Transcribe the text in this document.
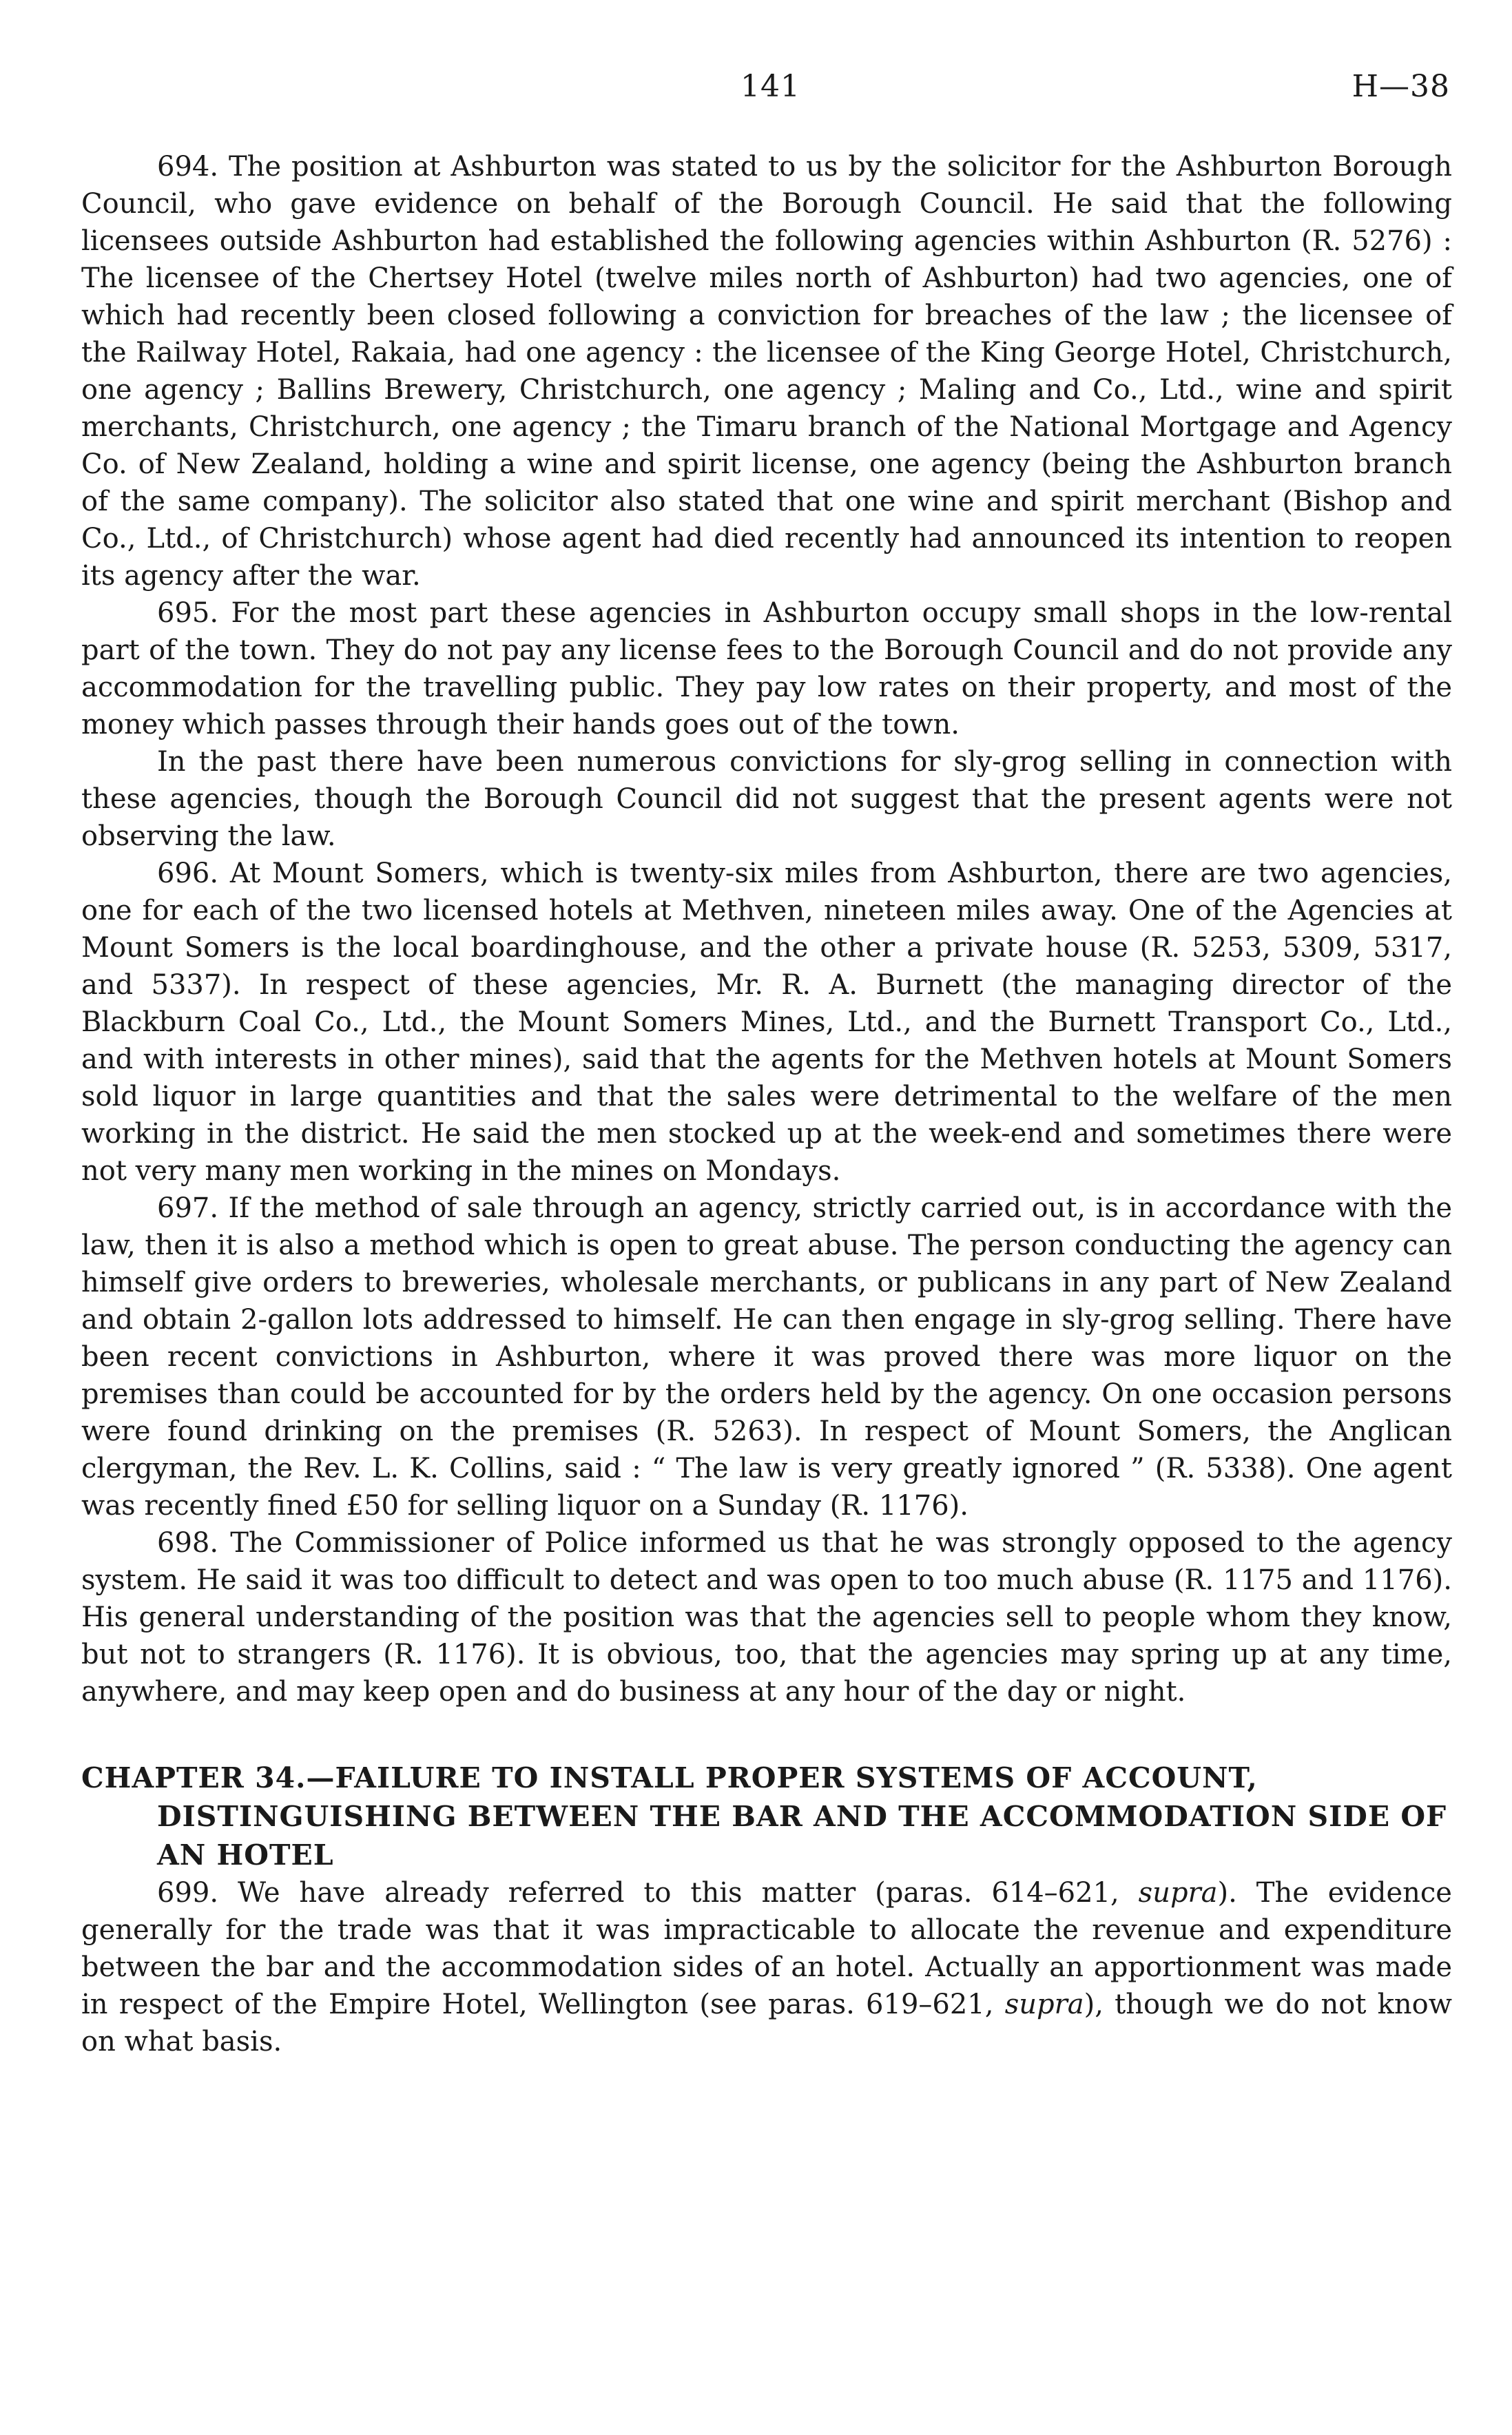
141	H—38

694. The position at Ashburton was stated to us by the solicitor for the Ashburton Borough Council, who gave evidence on behalf of the Borough Council. He said that the following licensees outside Ashburton had established the following agencies within Ashburton (R. 5276) : The licensee of the Chertsey Hotel (twelve miles north of Ashburton) had two agencies, one of which had recently been closed following a conviction for breaches of the law ; the licensee of the Railway Hotel, Rakaia, had one agency : the licensee of the King George Hotel, Christchurch, one agency ; Ballins Brewery, Christchurch, one agency ; Maling and Co., Ltd., wine and spirit merchants, Christchurch, one agency ; the Timaru branch of the National Mortgage and Agency Co. of New Zealand, holding a wine and spirit license, one agency (being the Ashburton branch of the same company). The solicitor also stated that one wine and spirit merchant (Bishop and Co., Ltd., of Christchurch) whose agent had died recently had announced its intention to reopen its agency after the war.

695. For the most part these agencies in Ashburton occupy small shops in the low-rental part of the town. They do not pay any license fees to the Borough Council and do not provide any accommodation for the travelling public. They pay low rates on their property, and most of the money which passes through their hands goes out of the town.

In the past there have been numerous convictions for sly-grog selling in connection with these agencies, though the Borough Council did not suggest that the present agents were not observing the law.

696. At Mount Somers, which is twenty-six miles from Ashburton, there are two agencies, one for each of the two licensed hotels at Methven, nineteen miles away. One of the Agencies at Mount Somers is the local boardinghouse, and the other a private house (R. 5253, 5309, 5317, and 5337). In respect of these agencies, Mr. R. A. Burnett (the managing director of the Blackburn Coal Co., Ltd., the Mount Somers Mines, Ltd., and the Burnett Transport Co., Ltd., and with interests in other mines), said that the agents for the Methven hotels at Mount Somers sold liquor in large quantities and that the sales were detrimental to the welfare of the men working in the district. He said the men stocked up at the week-end and sometimes there were not very many men working in the mines on Mondays.

697. If the method of sale through an agency, strictly carried out, is in accordance with the law, then it is also a method which is open to great abuse. The person conducting the agency can himself give orders to breweries, wholesale merchants, or publicans in any part of New Zealand and obtain 2-gallon lots addressed to himself. He can then engage in sly-grog selling. There have been recent convictions in Ashburton, where it was proved there was more liquor on the premises than could be accounted for by the orders held by the agency. On one occasion persons were found drinking on the premises (R. 5263). In respect of Mount Somers, the Anglican clergyman, the Rev. L. K. Collins, said : “ The law is very greatly ignored ” (R. 5338). One agent was recently fined £50 for selling liquor on a Sunday (R. 1176).

698. The Commissioner of Police informed us that he was strongly opposed to the agency system. He said it was too difficult to detect and was open to too much abuse (R. 1175 and 1176). His general understanding of the position was that the agencies sell to people whom they know, but not to strangers (R. 1176). It is obvious, too, that the agencies may spring up at any time, anywhere, and may keep open and do business at any hour of the day or night.

CHAPTER 34.—FAILURE TO INSTALL PROPER SYSTEMS OF ACCOUNT, DISTINGUISHING BETWEEN THE BAR AND THE ACCOMMODATION SIDE OF AN HOTEL

699. We have already referred to this matter (paras. 614–621, supra). The evidence generally for the trade was that it was impracticable to allocate the revenue and expenditure between the bar and the accommodation sides of an hotel. Actually an apportionment was made in respect of the Empire Hotel, Wellington (see paras. 619–621, supra), though we do not know on what basis.
